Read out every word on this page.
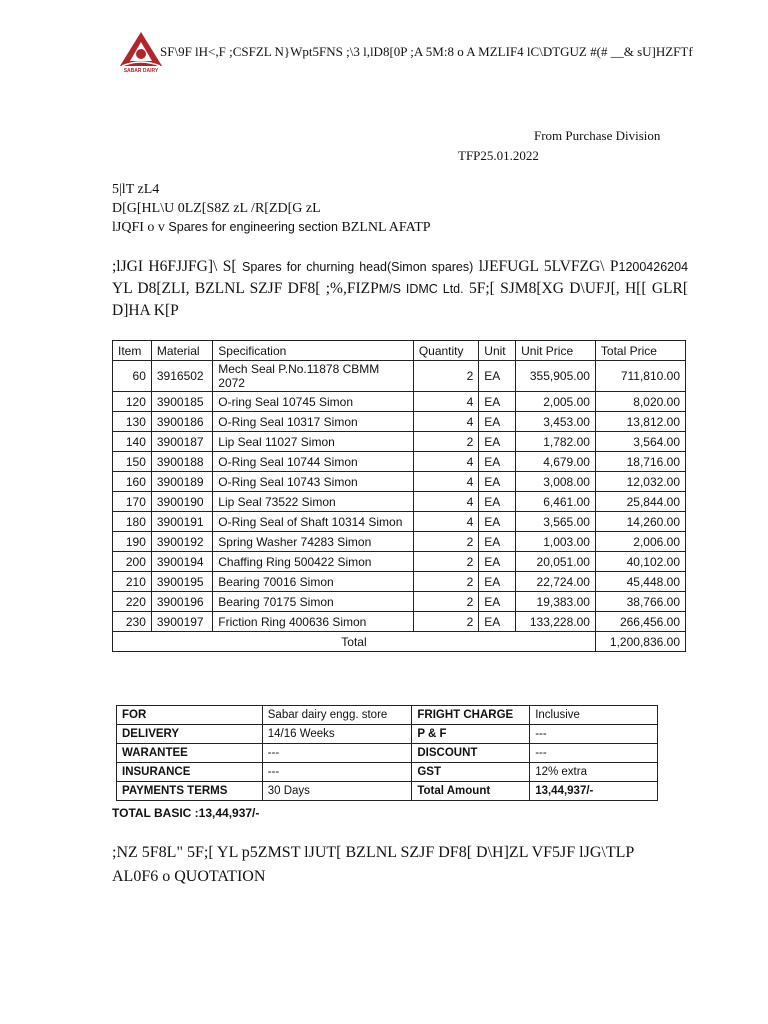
SABAR DAIRY
SF\9F lH<,F ;CSFZL N}Wpt5FNS ;\3 l,lD8[0P ;A 5M:8 o A MZLIF4 lC\DTGUZ #(# __& sU]HZFTf
From Purchase Division
TFP25.01.2022
5|lT zL4
D[G[HL\U 0LZ[S8Z zL /R[ZD[G zL
lJQFI o v Spares for engineering section BZLNL AFATP
;lJGI H6FJJFG]\ S[ Spares for churning head(Simon spares) lJEFUGL 5LVFZG\ P1200426204 YL D8[ZLI, BZLNL SZJF DF8[ ;%,FIZPM/S IDMC Ltd. 5F;[ SJM8[XG D\UFJ[, H[[ GLR[ D]HA K[P
Item	Material	Specification	Quantity	Unit	Unit Price	Total Price
60	3916502	Mech Seal P.No.11878 CBMM 2072	2	EA	355,905.00	711,810.00
120	3900185	O-ring Seal 10745 Simon	4	EA	2,005.00	8,020.00
130	3900186	O-Ring Seal 10317 Simon	4	EA	3,453.00	13,812.00
140	3900187	Lip Seal 11027 Simon	2	EA	1,782.00	3,564.00
150	3900188	O-Ring Seal 10744 Simon	4	EA	4,679.00	18,716.00
160	3900189	O-Ring Seal 10743 Simon	4	EA	3,008.00	12,032.00
170	3900190	Lip Seal 73522 Simon	4	EA	6,461.00	25,844.00
180	3900191	O-Ring Seal of Shaft 10314 Simon	4	EA	3,565.00	14,260.00
190	3900192	Spring Washer 74283 Simon	2	EA	1,003.00	2,006.00
200	3900194	Chaffing Ring 500422 Simon	2	EA	20,051.00	40,102.00
210	3900195	Bearing 70016 Simon	2	EA	22,724.00	45,448.00
220	3900196	Bearing 70175 Simon	2	EA	19,383.00	38,766.00
230	3900197	Friction Ring 400636 Simon	2	EA	133,228.00	266,456.00
Total						1,200,836.00
FOR	Sabar dairy engg. store	FRIGHT CHARGE	Inclusive
DELIVERY	14/16 Weeks	P & F	---
WARANTEE	---	DISCOUNT	---
INSURANCE	---	GST	12% extra
PAYMENTS TERMS	30 Days	Total Amount	13,44,937/-
TOTAL BASIC :13,44,937/-
;NZ 5F8L" 5F;[ YL p5ZMST lJUT[ BZLNL SZJF DF8[ D\H]ZL VF5JF lJG\TLP
AL0F6 o QUOTATION
